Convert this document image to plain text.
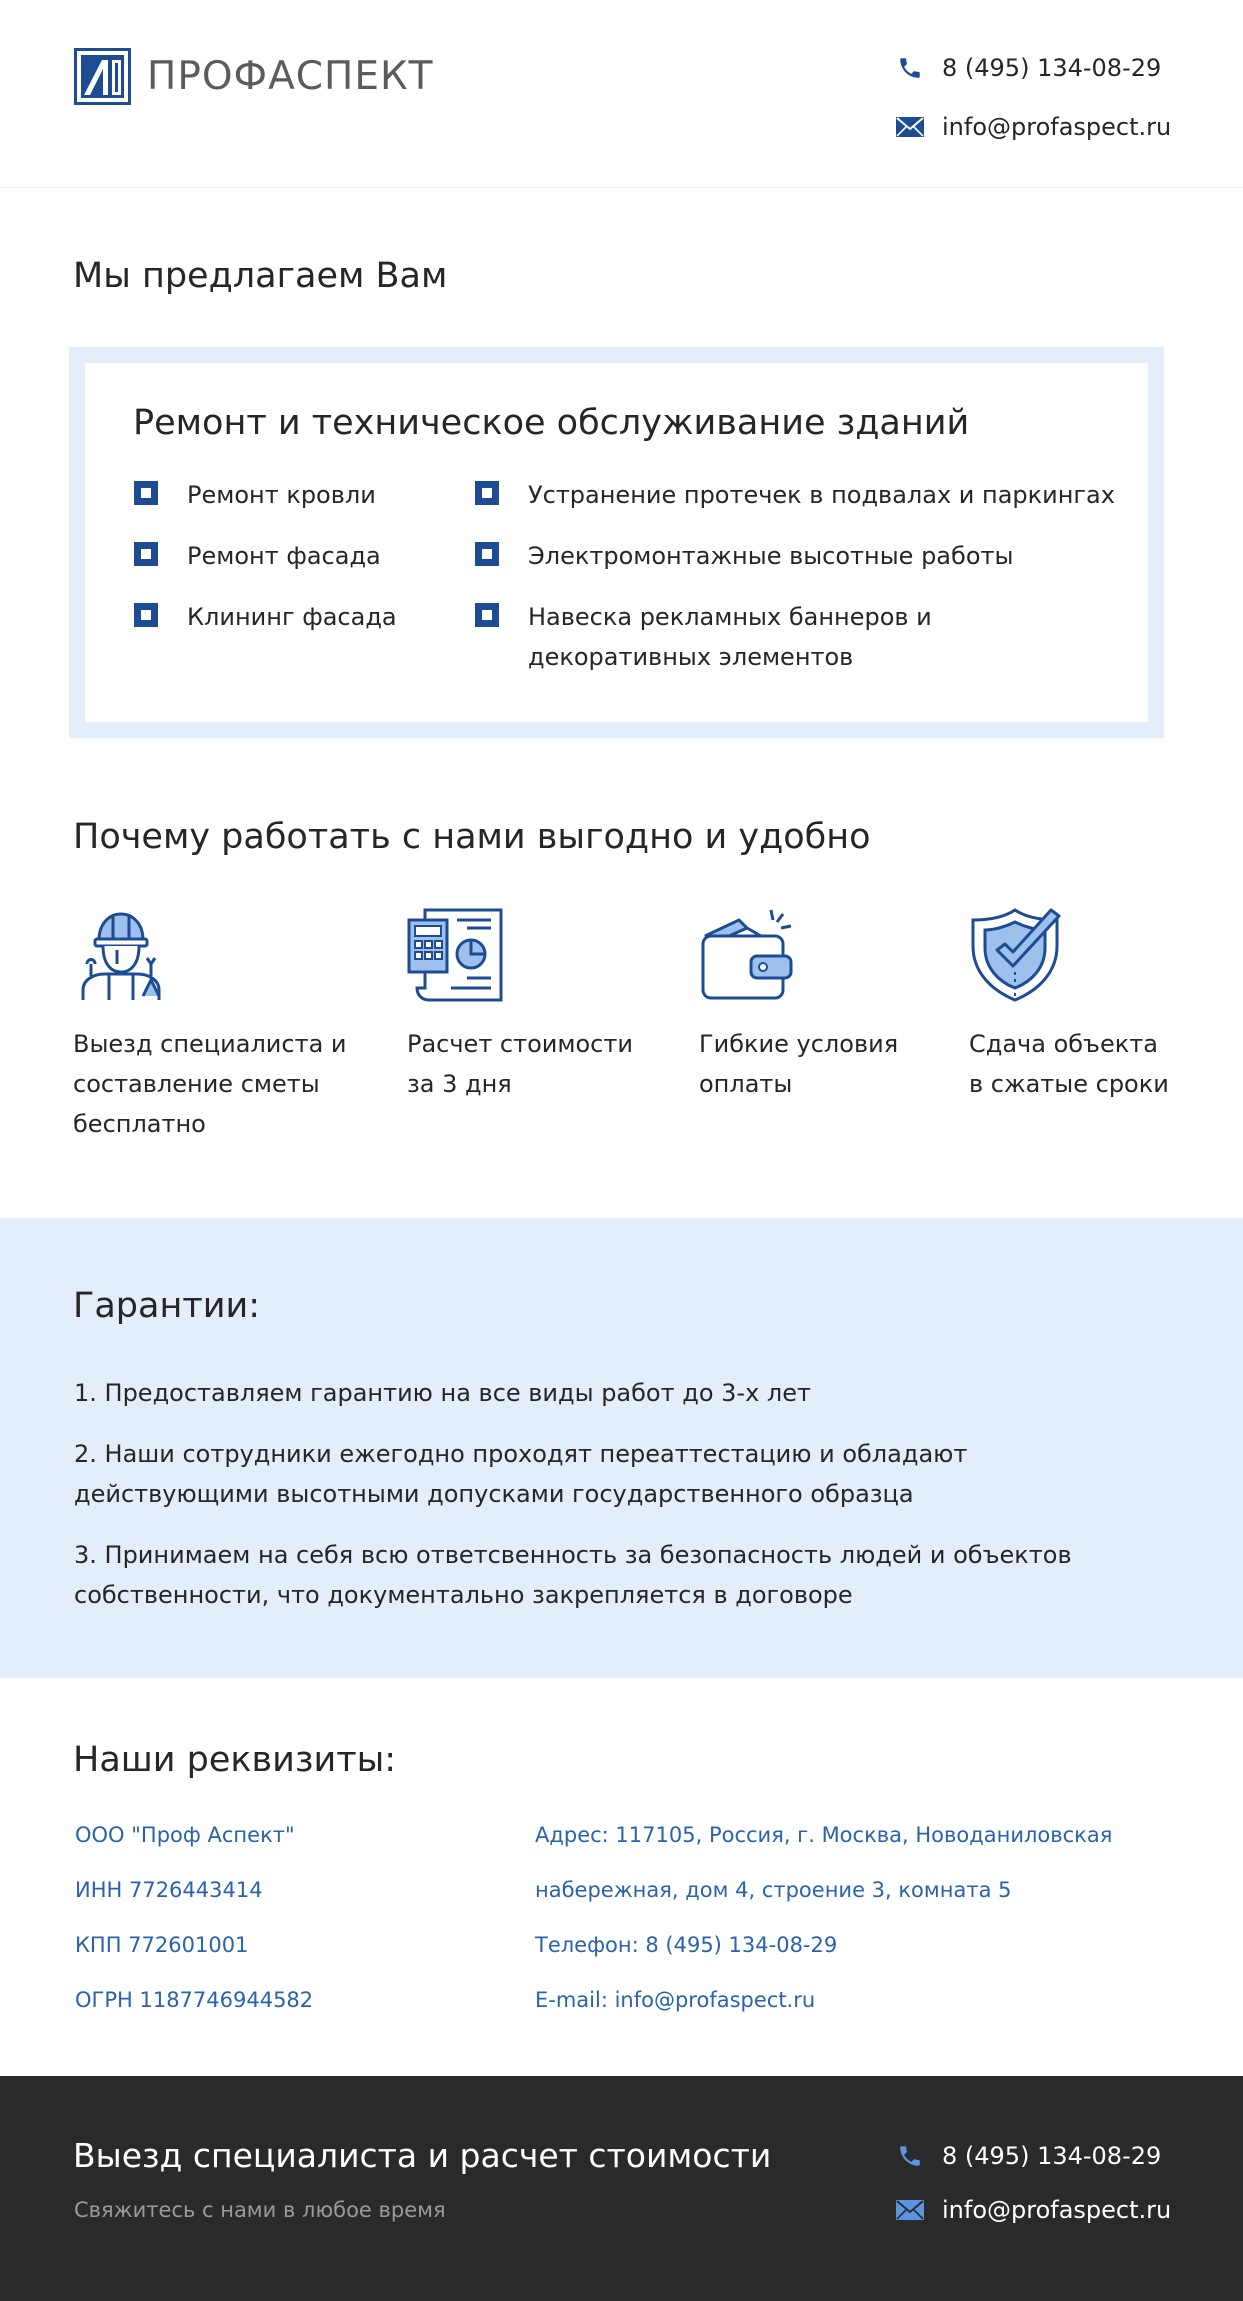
ПРОФАСПЕКТ	8 (495) 134-08-29
info@profaspect.ru
Мы предлагаем Вам
Ремонт и техническое обслуживание зданий
Ремонт кровли
Ремонт фасада
Клининг фасада
Устранение протечек в подвалах и паркингах
Электромонтажные высотные работы
Навеска рекламных баннеров и декоративных элементов
Почему работать с нами выгодно и удобно
Выезд специалиста и составление сметы бесплатно
Расчет стоимости за 3 дня
Гибкие условия оплаты
Сдача объекта в сжатые сроки
Гарантии:

1. Предоставляем гарантию на все виды работ до 3-х лет

2. Наши сотрудники ежегодно проходят переаттестацию и обладают действующими высотными допусками государственного образца

3. Принимаем на себя всю ответсвенность за безопасность людей и объектов собственности, что документально закрепляется в договоре

Наши реквизиты:
ООО "Проф Аспект"
ИНН 7726443414
КПП 772601001
ОГРН 1187746944582
Адрес: 117105, Россия, г. Москва, Новоданиловская
набережная, дом 4, строение 3, комната 5
Телефон: 8 (495) 134-08-29
E-mail: info@profaspect.ru
Выезд специалиста и расчет стоимости
Свяжитесь с нами в любое время
8 (495) 134-08-29
info@profaspect.ru
